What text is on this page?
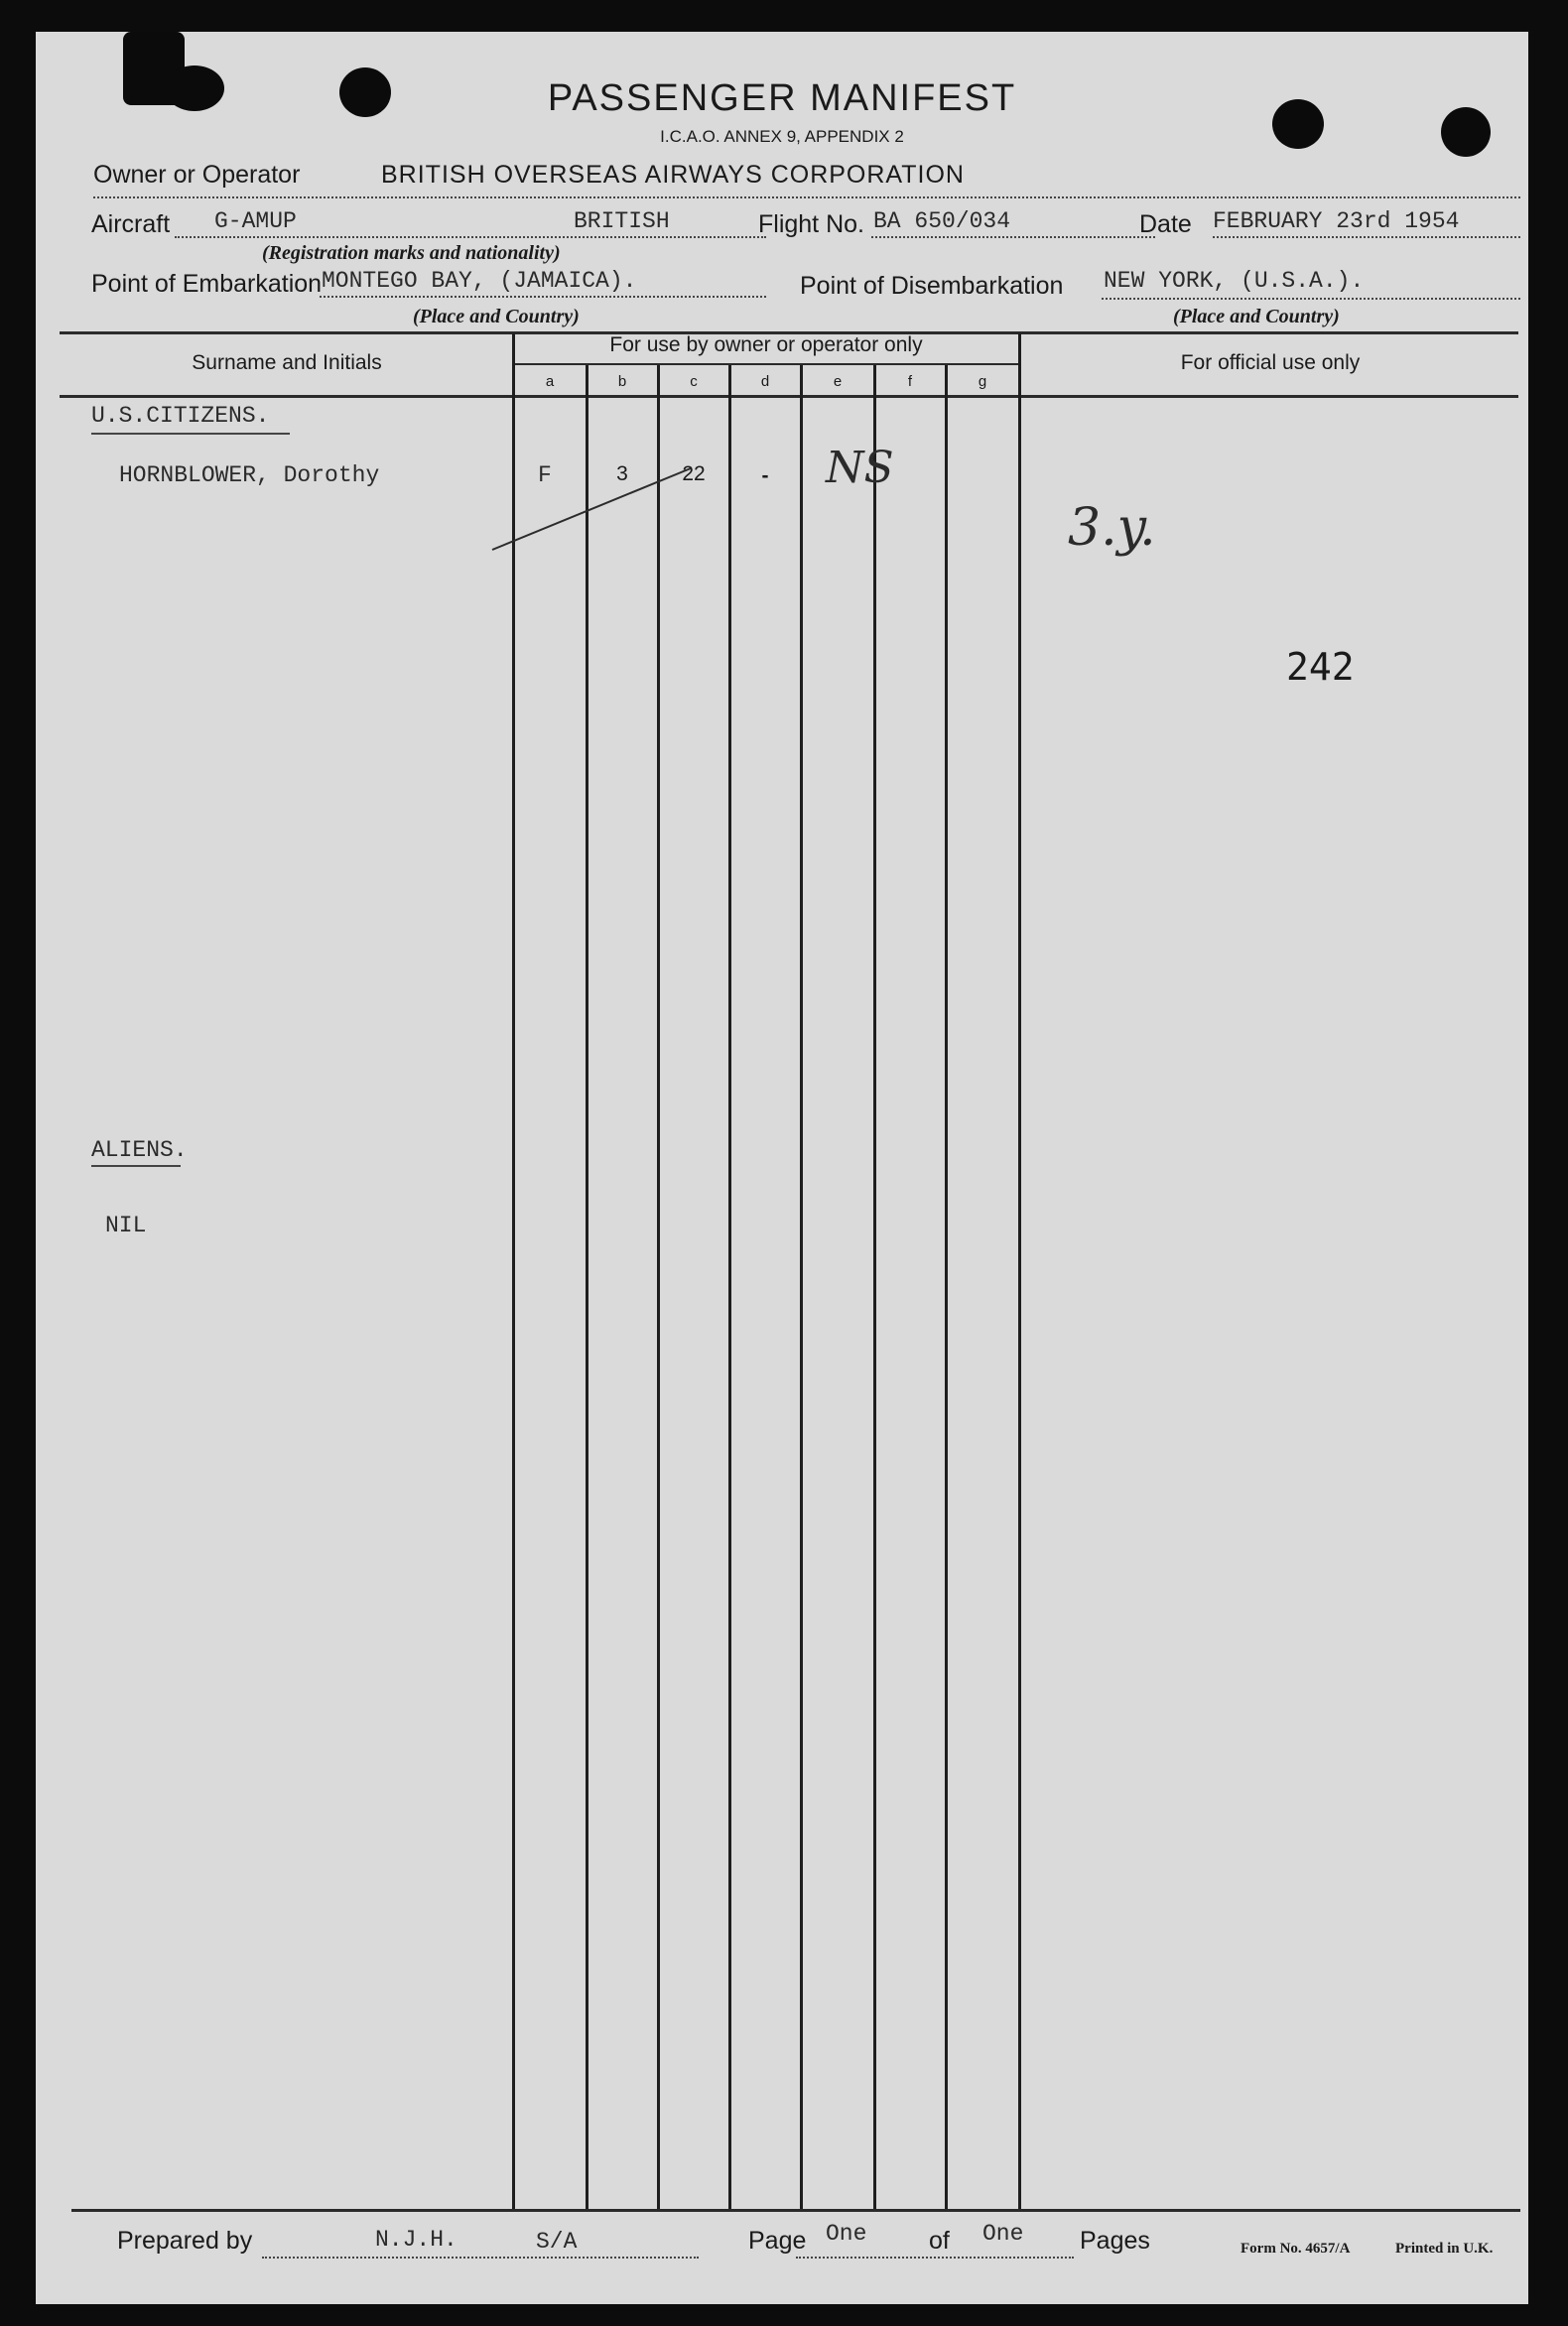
PASSENGER MANIFEST
I.C.A.O. ANNEX 9, APPENDIX 2
Owner or Operator	BRITISH OVERSEAS AIRWAYS CORPORATION
Aircraft G-AMUP	BRITISH	Flight No. BA 650/034	Date FEBRUARY 23rd 1954
(Registration marks and nationality)
Point of Embarkation MONTEGO BAY, (JAMAICA).	Point of Disembarkation NEW YORK, (U.S.A.).
(Place and Country)	(Place and Country)
Surname and Initials
For use by owner or operator only
For official use only
a	b	c	d	e	f	g
U.S.CITIZENS.
HORNBLOWER, Dorothy	F	3	22	-	NS
3.y.
242
ALIENS.
NIL
Prepared by	N.J.H.	S/A	Page One	of One Pages	Form No. 4657/A	Printed in U.K.
